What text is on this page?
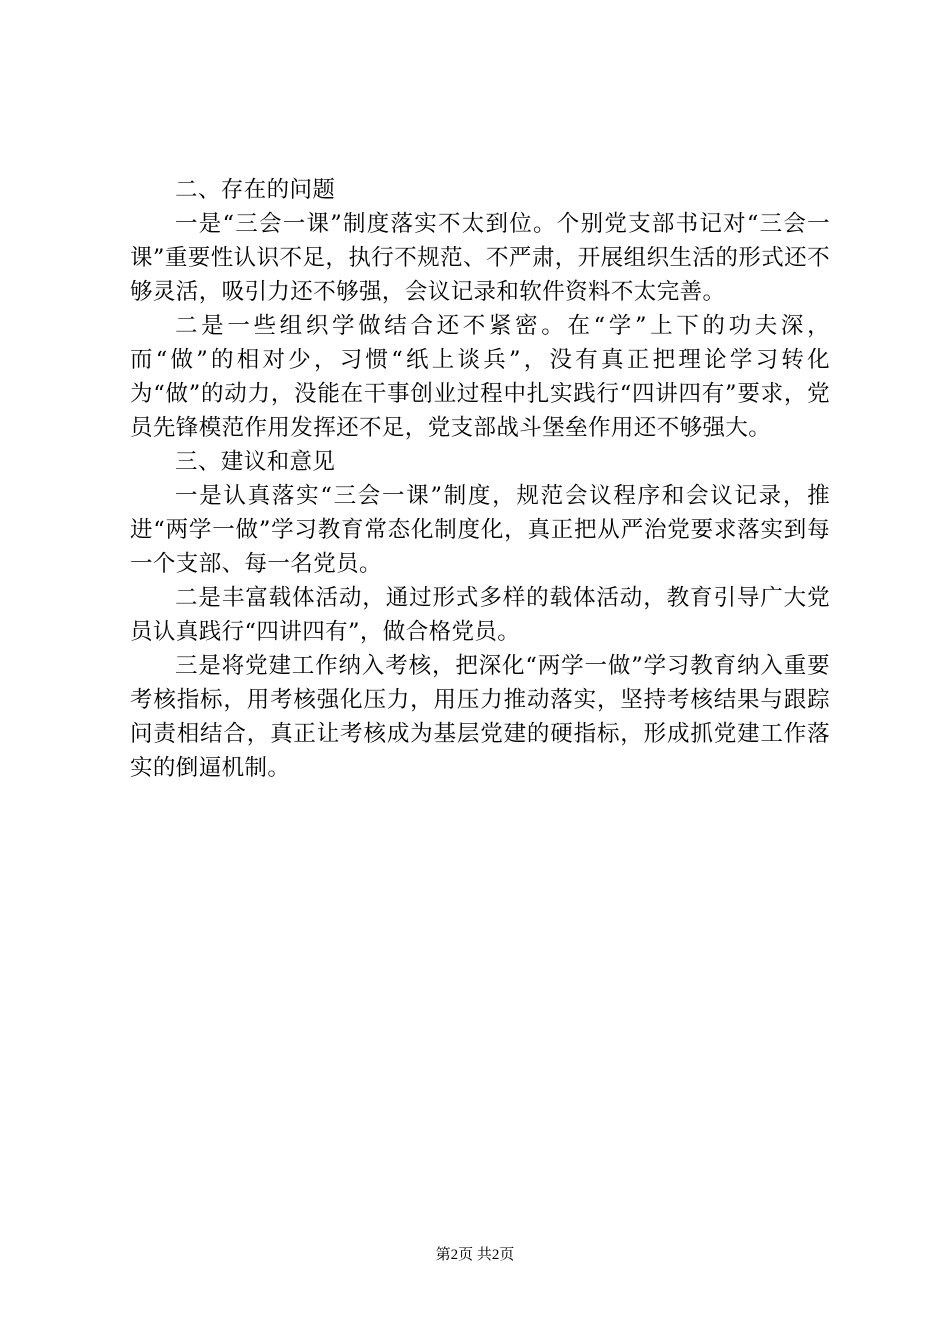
二、存在的问题

一是“三会一课”制度落实不太到位。个别党支部书记对“三会一课”重要性认识不足，执行不规范、不严肃，开展组织生活的形式还不够灵活，吸引力还不够强，会议记录和软件资料不太完善。

二是一些组织学做结合还不紧密。在“学”上下的功夫深，而“做”的相对少，习惯“纸上谈兵”，没有真正把理论学习转化为“做”的动力，没能在干事创业过程中扎实践行“四讲四有”要求，党员先锋模范作用发挥还不足，党支部战斗堡垒作用还不够强大。

三、建议和意见

一是认真落实“三会一课”制度，规范会议程序和会议记录，推进“两学一做”学习教育常态化制度化，真正把从严治党要求落实到每一个支部、每一名党员。

二是丰富载体活动，通过形式多样的载体活动，教育引导广大党员认真践行“四讲四有”，做合格党员。

三是将党建工作纳入考核，把深化“两学一做”学习教育纳入重要考核指标，用考核强化压力，用压力推动落实，坚持考核结果与跟踪问责相结合，真正让考核成为基层党建的硬指标，形成抓党建工作落实的倒逼机制。

第2页 共2页
